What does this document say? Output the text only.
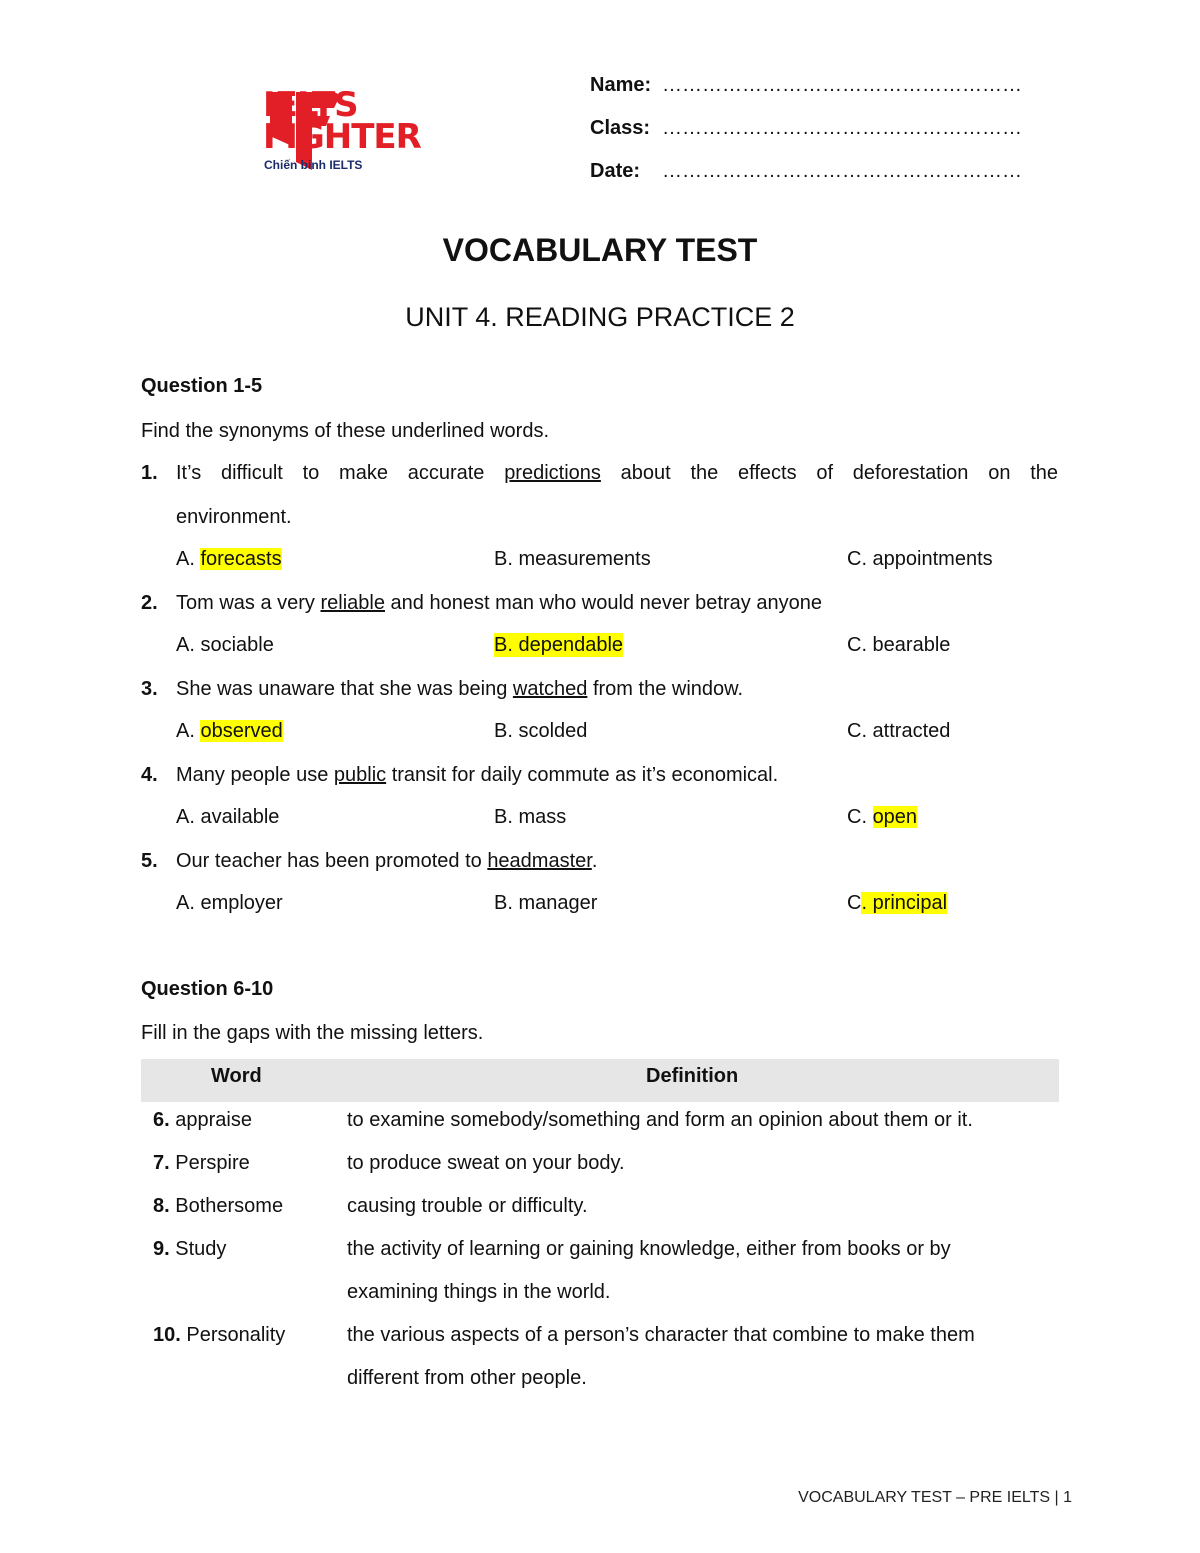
IELTS
FIGHTER
Chiến binh IELTS
Name: ………………………………………………
Class: ………………………………………………
Date: ………………………………………………
VOCABULARY TEST
UNIT 4. READING PRACTICE 2
Question 1-5
Find the synonyms of these underlined words.
1. It’s difficult to make accurate predictions about the effects of deforestation on the
environment.
A. forecasts	B. measurements	C. appointments
2. Tom was a very reliable and honest man who would never betray anyone
A. sociable	B. dependable	C. bearable
3. She was unaware that she was being watched from the window.
A. observed	B. scolded	C. attracted
4. Many people use public transit for daily commute as it’s economical.
A. available	B. mass	C. open
5. Our teacher has been promoted to headmaster.
A. employer	B. manager	C. principal
Question 6-10
Fill in the gaps with the missing letters.
Word	Definition
6. appraise	to examine somebody/something and form an opinion about them or it.
7. Perspire	to produce sweat on your body.
8. Bothersome	causing trouble or difficulty.
9. Study	the activity of learning or gaining knowledge, either from books or by
examining things in the world.
10. Personality	the various aspects of a person’s character that combine to make them
different from other people.
VOCABULARY TEST – PRE IELTS | 1
